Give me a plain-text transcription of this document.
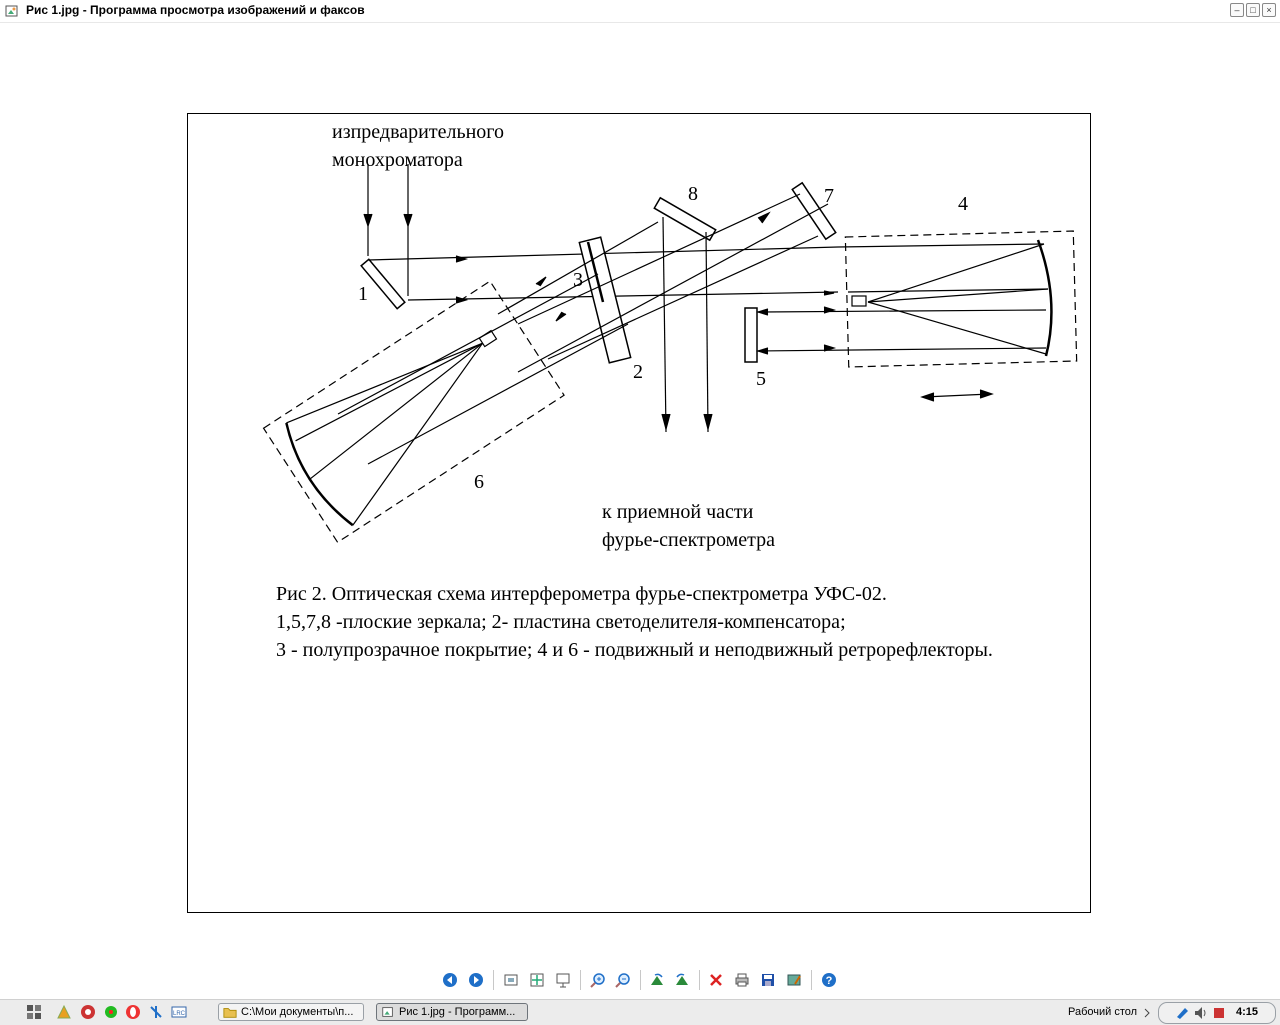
Рис 1.jpg - Программа просмотра изображений и факсов	–	□	×
изпредварительного
монохроматора
1
2
3
4
5
6
7
8
к приемной части
фурье-спектрометра
Рис 2. Оптическая схема интерферометра фурье-спектрометра УФС-02.
1,5,7,8 -плоские зеркала; 2- пластина светоделителя-компенсатора;
3 - полупрозрачное покрытие; 4 и 6 - подвижный и неподвижный ретрорефлекторы.
?
LRC	C:\Мои документы\п...	Рис 1.jpg - Программ...	Рабочий стол	4:15
